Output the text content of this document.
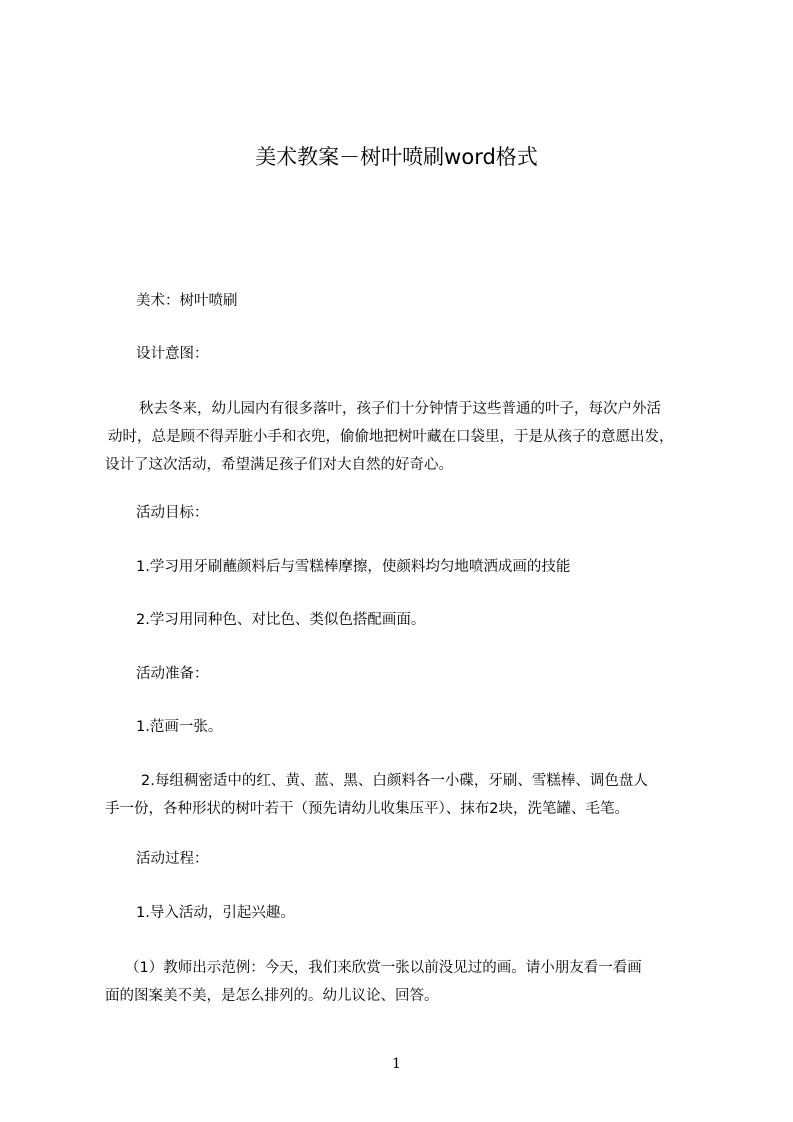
美术教案－树叶喷刷word格式
美术：树叶喷刷
设计意图：
秋去冬来，幼儿园内有很多落叶，孩子们十分钟情于这些普通的叶子，每次户外活
动时，总是顾不得弄脏小手和衣兜，偷偷地把树叶藏在口袋里，于是从孩子的意愿出发，
设计了这次活动，希望满足孩子们对大自然的好奇心。
活动目标：
1.学习用牙刷蘸颜料后与雪糕棒摩擦，使颜料均匀地喷洒成画的技能
2.学习用同种色、对比色、类似色搭配画面。
活动准备：
1.范画一张。
2.每组稠密适中的红、黄、蓝、黑、白颜料各一小碟，牙刷、雪糕棒、调色盘人
手一份，各种形状的树叶若干（预先请幼儿收集压平）、抹布2块，洗笔罐、毛笔。
活动过程：
1.导入活动，引起兴趣。
（1）教师出示范例：今天，我们来欣赏一张以前没见过的画。请小朋友看一看画
面的图案美不美，是怎么排列的。幼儿议论、回答。
1
